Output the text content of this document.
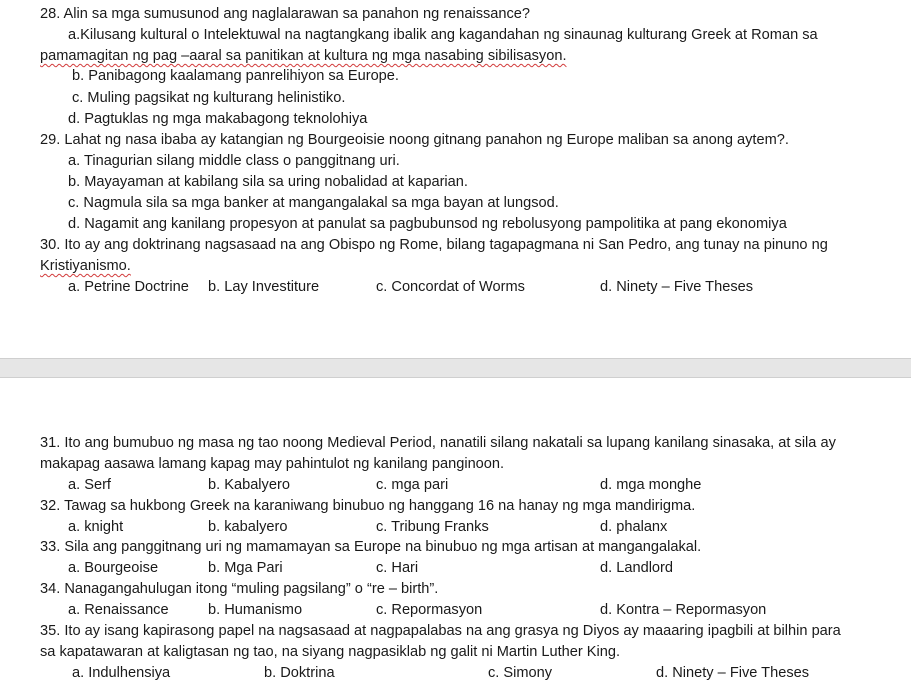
28. Alin sa mga sumusunod ang naglalarawan sa panahon ng renaissance?
a.Kilusang kultural o Intelektuwal na nagtangkang ibalik ang kagandahan ng sinaunag kulturang Greek at Roman sa
pamamagitan ng pag –aaral sa panitikan at kultura ng mga nasabing sibilisasyon.
b. Panibagong kaalamang panrelihiyon sa Europe.
c. Muling pagsikat ng kulturang helinistiko.
d. Pagtuklas ng mga makabagong teknolohiya
29. Lahat ng nasa ibaba ay katangian ng Bourgeoisie noong gitnang panahon ng Europe maliban sa anong aytem?.
a. Tinagurian silang middle class o panggitnang uri.
b. Mayayaman at kabilang sila sa uring nobalidad at kaparian.
c. Nagmula sila sa mga banker at mangangalakal sa mga bayan at lungsod.
d. Nagamit ang kanilang propesyon at panulat sa pagbubunsod ng rebolusyong pampolitika at pang ekonomiya
30. Ito ay ang doktrinang nagsasaad na ang Obispo ng Rome, bilang tagapagmana ni San Pedro, ang tunay na pinuno ng
Kristiyanismo.
a. Petrine Doctrine b. Lay Investiture	c. Concordat of Worms	d. Ninety – Five Theses
31. Ito ang bumubuo ng masa ng tao noong Medieval Period, nanatili silang nakatali sa lupang kanilang sinasaka, at sila ay
makapag aasawa lamang kapag may pahintulot ng kanilang panginoon.
a. Serf	b. Kabalyero	c. mga pari	d. mga monghe
32. Tawag sa hukbong Greek na karaniwang binubuo ng hanggang 16 na hanay ng mga mandirigma.
a. knight	b. kabalyero	c. Tribung Franks	d. phalanx
33. Sila ang panggitnang uri ng mamamayan sa Europe na binubuo ng mga artisan at mangangalakal.
a. Bourgeoise	b. Mga Pari	c. Hari	d. Landlord
34. Nanagangahulugan itong “muling pagsilang” o “re – birth”.
a. Renaissance	b. Humanismo	c. Repormasyon	d. Kontra – Repormasyon
35. Ito ay isang kapirasong papel na nagsasaad at nagpapalabas na ang grasya ng Diyos ay maaaring ipagbili at bilhin para
sa kapatawaran at kaligtasan ng tao, na siyang nagpasiklab ng galit ni Martin Luther King.
a. Indulhensiya	b. Doktrina	c. Simony	d. Ninety – Five Theses
